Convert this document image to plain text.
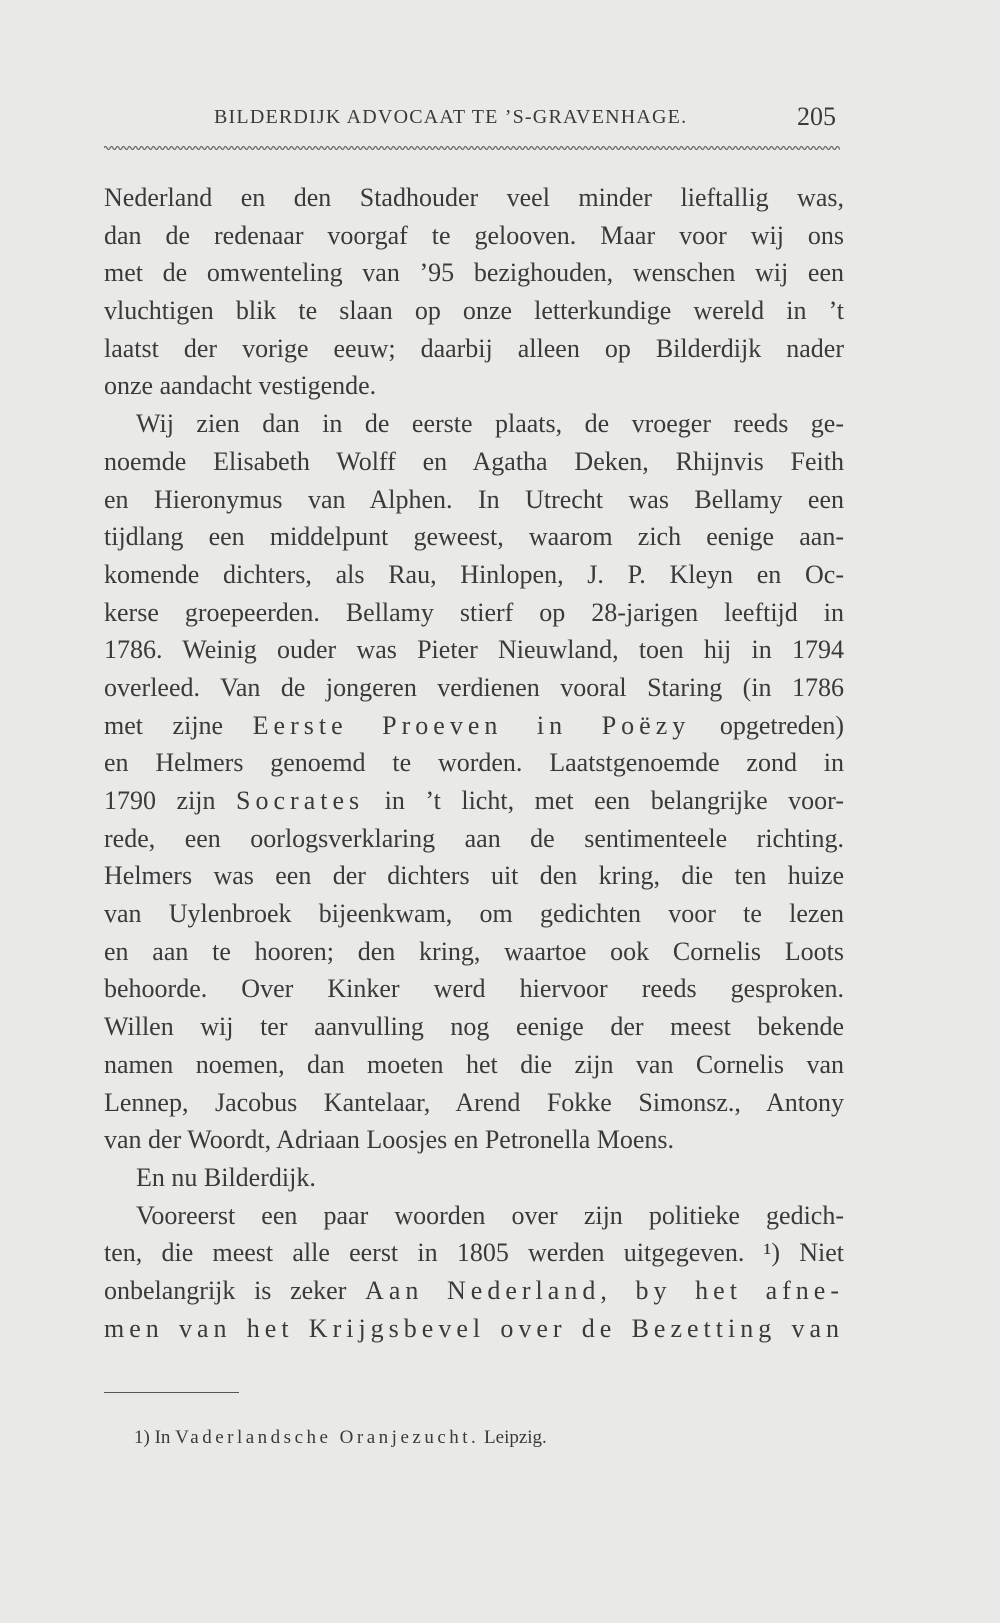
BILDERDIJK ADVOCAAT TE ’S-GRAVENHAGE.	205
Nederland en den Stadhouder veel minder lieftallig was,
dan de redenaar voorgaf te gelooven. Maar voor wij ons
met de omwenteling van ’95 bezighouden, wenschen wij een
vluchtigen blik te slaan op onze letterkundige wereld in ’t
laatst der vorige eeuw; daarbij alleen op Bilderdijk nader
onze aandacht vestigende.
Wij zien dan in de eerste plaats, de vroeger reeds ge-
noemde Elisabeth Wolff en Agatha Deken, Rhijnvis Feith
en Hieronymus van Alphen. In Utrecht was Bellamy een
tijdlang een middelpunt geweest, waarom zich eenige aan-
komende dichters, als Rau, Hinlopen, J. P. Kleyn en Oc-
kerse groepeerden. Bellamy stierf op 28-jarigen leeftijd in
1786. Weinig ouder was Pieter Nieuwland, toen hij in 1794
overleed. Van de jongeren verdienen vooral Staring (in 1786
met zijne Eerste Proeven in Poëzy opgetreden)
en Helmers genoemd te worden. Laatstgenoemde zond in
1790 zijn Socrates in ’t licht, met een belangrijke voor-
rede, een oorlogsverklaring aan de sentimenteele richting.
Helmers was een der dichters uit den kring, die ten huize
van Uylenbroek bijeenkwam, om gedichten voor te lezen
en aan te hooren; den kring, waartoe ook Cornelis Loots
behoorde. Over Kinker werd hiervoor reeds gesproken.
Willen wij ter aanvulling nog eenige der meest bekende
namen noemen, dan moeten het die zijn van Cornelis van
Lennep, Jacobus Kantelaar, Arend Fokke Simonsz., Antony
van der Woordt, Adriaan Loosjes en Petronella Moens.
En nu Bilderdijk.
Vooreerst een paar woorden over zijn politieke gedich-
ten, die meest alle eerst in 1805 werden uitgegeven. ¹) Niet
onbelangrijk is zeker Aan Nederland, by het afne-
men van het Krijgsbevel over de Bezetting van
1) In Vaderlandsche Oranjezucht. Leipzig.
